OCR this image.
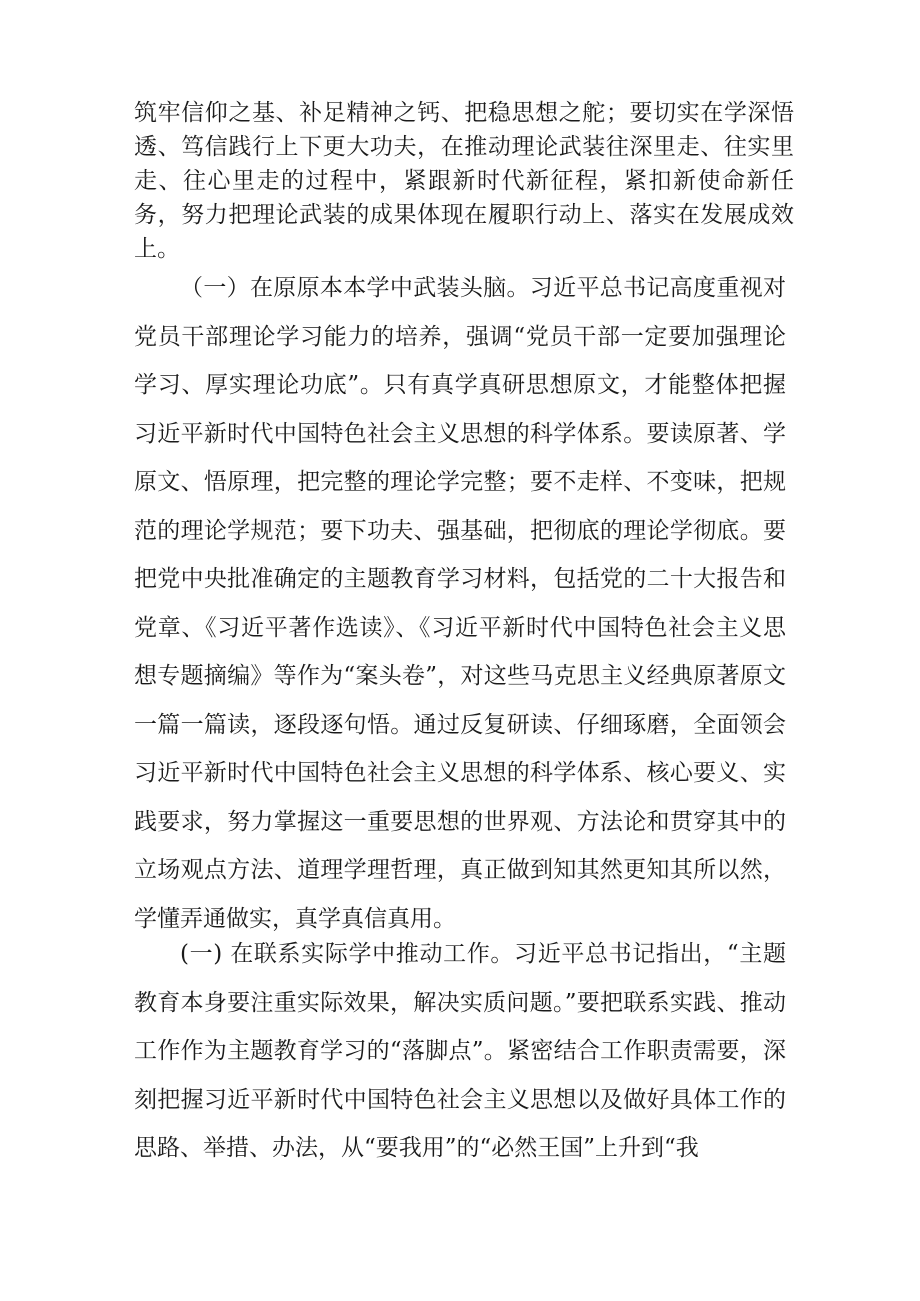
筑牢信仰之基、补足精神之钙、把稳思想之舵；要切实在学深悟透、笃信践行上下更大功夫，在推动理论武装往深里走、往实里走、往心里走的过程中，紧跟新时代新征程，紧扣新使命新任务，努力把理论武装的成果体现在履职行动上、落实在发展成效上。

（一）在原原本本学中武装头脑。习近平总书记高度重视对党员干部理论学习能力的培养，强调“党员干部一定要加强理论学习、厚实理论功底”。只有真学真研思想原文，才能整体把握习近平新时代中国特色社会主义思想的科学体系。要读原著、学原文、悟原理，把完整的理论学完整；要不走样、不变味，把规范的理论学规范；要下功夫、强基础，把彻底的理论学彻底。要把党中央批准确定的主题教育学习材料，包括党的二十大报告和党章、《习近平著作选读》、《习近平新时代中国特色社会主义思想专题摘编》等作为“案头卷”，对这些马克思主义经典原著原文一篇一篇读，逐段逐句悟。通过反复研读、仔细琢磨，全面领会习近平新时代中国特色社会主义思想的科学体系、核心要义、实践要求，努力掌握这一重要思想的世界观、方法论和贯穿其中的立场观点方法、道理学理哲理，真正做到知其然更知其所以然，学懂弄通做实，真学真信真用。

(一) 在联系实际学中推动工作。习近平总书记指出，“主题教育本身要注重实际效果，解决实质问题。”要把联系实践、推动工作作为主题教育学习的“落脚点”。紧密结合工作职责需要，深刻把握习近平新时代中国特色社会主义思想以及做好具体工作的思路、举措、办法，从“要我用”的“必然王国”上升到“我
